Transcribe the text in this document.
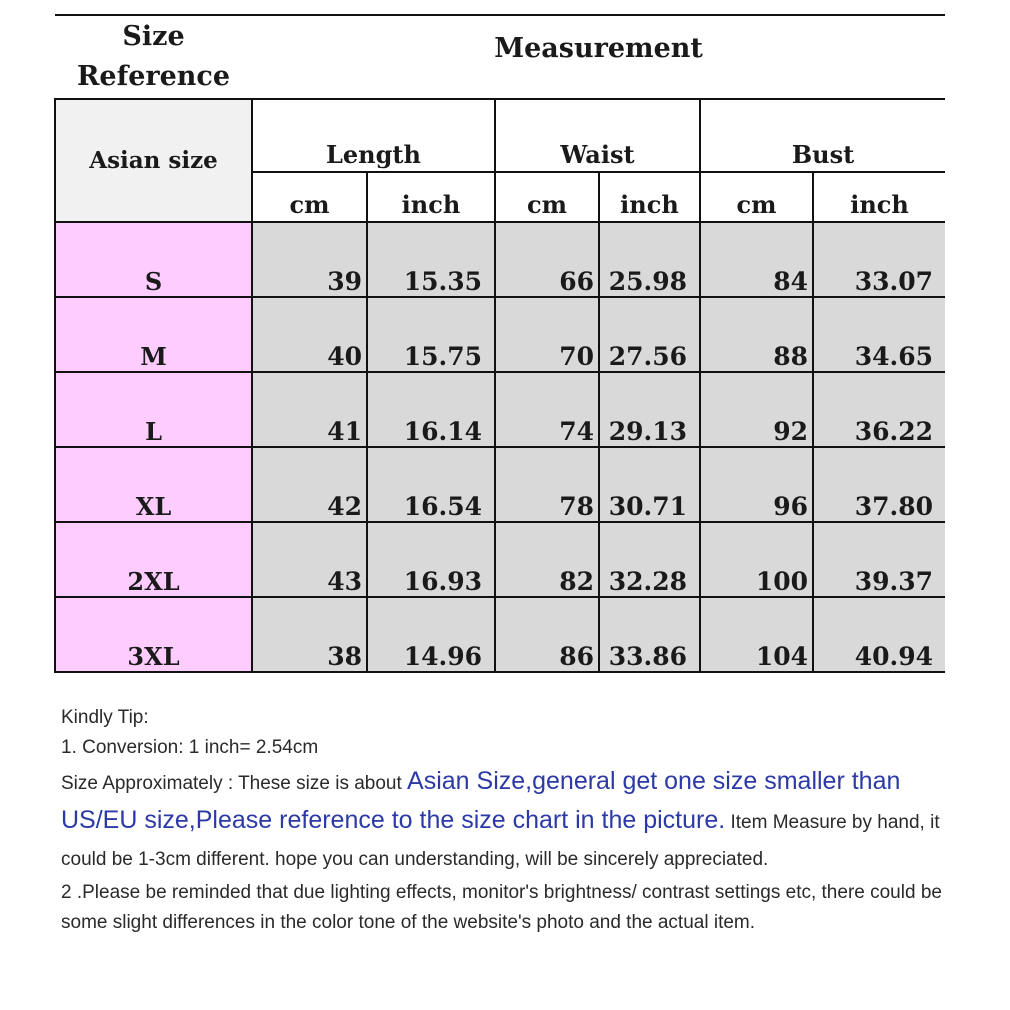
Size
Reference	Measurement					
Asian size	Length		Waist		Bust	
	cm	inch	cm	inch	cm	inch
S	39	15.35	66	25.98	84	33.07
M	40	15.75	70	27.56	88	34.65
L	41	16.14	74	29.13	92	36.22
XL	42	16.54	78	30.71	96	37.80
2XL	43	16.93	82	32.28	100	39.37
3XL	38	14.96	86	33.86	104	40.94

Kindly Tip:

1. Conversion: 1 inch= 2.54cm

Size Approximately : These size is about Asian Size,general get one size smaller than US/EU size,Please reference to the size chart in the picture. Item Measure by hand, it could be 1-3cm different. hope you can understanding, will be sincerely appreciated.

2 .Please be reminded that due lighting effects, monitor's brightness/ contrast settings etc, there could be some slight differences in the color tone of the website's photo and the actual item.
